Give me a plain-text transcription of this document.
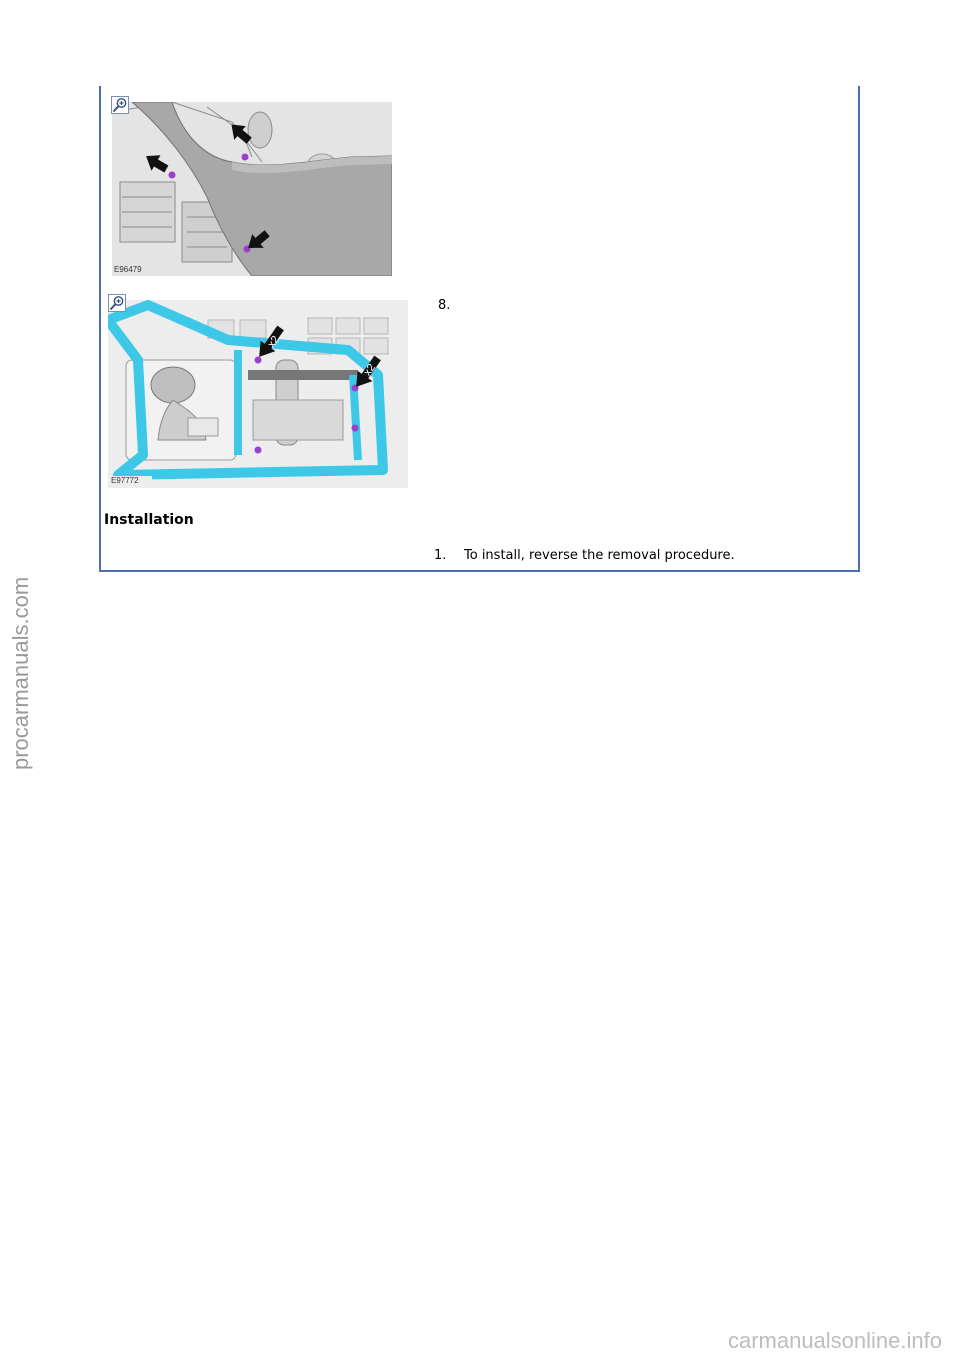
E96479
x2
x2
E97772
8.
Installation
1. To install, reverse the removal procedure.
procarmanuals.com
carmanualsonline.info
